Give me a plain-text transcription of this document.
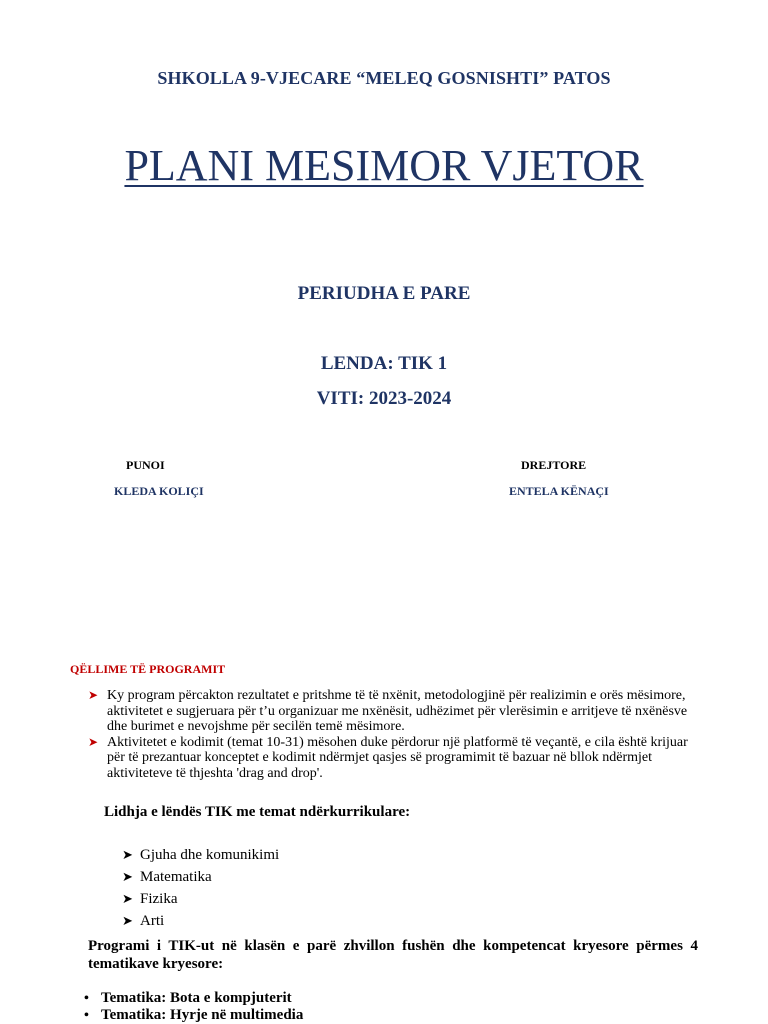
SHKOLLA 9-VJECARE “MELEQ GOSNISHTI” PATOS
PLANI MESIMOR VJETOR
PERIUDHA E PARE
LENDA: TIK 1
VITI: 2023-2024
PUNOI
KLEDA KOLIÇI
DREJTORE
ENTELA KËNAÇI
QËLLIME TË PROGRAMIT
➤ Ky program përcakton rezultatet e pritshme të të nxënit, metodologjinë për realizimin e orës mësimore, aktivitetet e sugjeruara për t’u organizuar me nxënësit, udhëzimet për vlerësimin e arritjeve të nxënësve dhe burimet e nevojshme për secilën temë mësimore.
➤ Aktivitetet e kodimit (temat 10-31) mësohen duke përdorur një platformë të veçantë, e cila është krijuar për të prezantuar konceptet e kodimit ndërmjet qasjes së programimit të bazuar në bllok ndërmjet aktiviteteve të thjeshta 'drag and drop'.
Lidhja e lëndës TIK me temat ndërkurrikulare:
➤ Gjuha dhe komunikimi
➤ Matematika
➤ Fizika
➤ Arti
Programi i TIK-ut në klasën e parë zhvillon fushën dhe kompetencat kryesore përmes 4 tematikave kryesore:
• Tematika: Bota e kompjuterit
• Tematika: Hyrje në multimedia
